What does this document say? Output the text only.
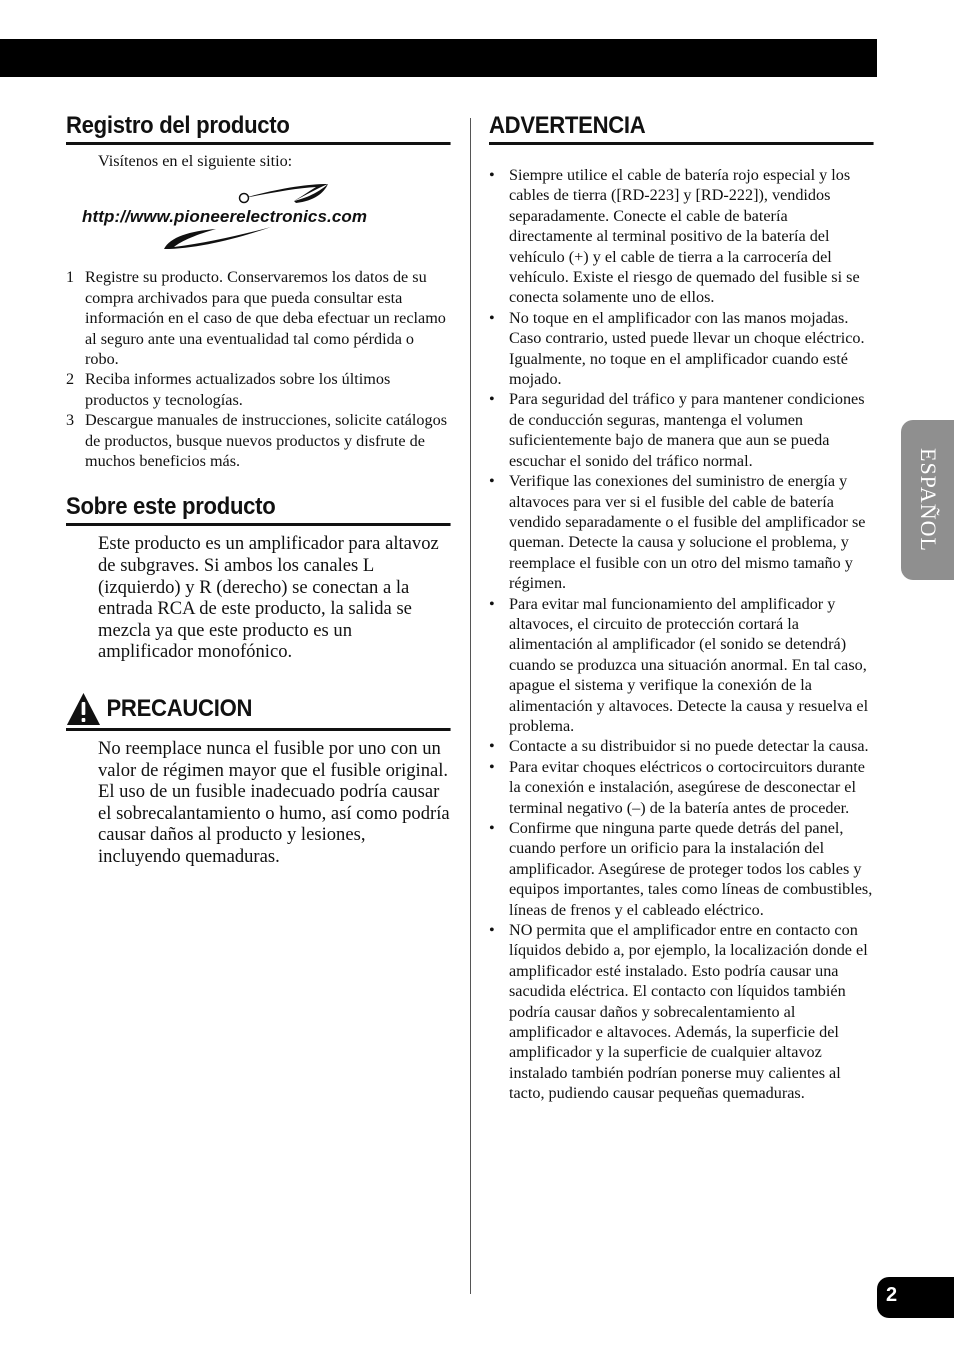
Registro del producto
Visítenos en el siguiente sitio:
http://www.pioneerelectronics.com
1 Registre su producto. Conservaremos los datos de su compra archivados para que pueda consultar esta información en el caso de que deba efectuar un reclamo al seguro ante una eventualidad tal como pérdida o robo.
2 Reciba informes actualizados sobre los últimos productos y tecnologías.
3 Descargue manuales de instrucciones, solicite catálogos de productos, busque nuevos productos y disfrute de muchos beneficios más.
Sobre este producto
Este producto es un amplificador para altavoz de subgraves. Si ambos los canales L (izquierdo) y R (derecho) se conectan a la entrada RCA de este producto, la salida se mezcla ya que este producto es un amplificador monofónico.
PRECAUCION
No reemplace nunca el fusible por uno con un valor de régimen mayor que el fusible original. El uso de un fusible inadecuado podría causar el sobrecalantamiento o humo, así como podría causar daños al producto y lesiones, incluyendo quemaduras.
ADVERTENCIA
• Siempre utilice el cable de batería rojo especial y los cables de tierra ([RD-223] y [RD-222]), vendidos separadamente. Conecte el cable de batería directamente al terminal positivo de la batería del vehículo (+) y el cable de tierra a la carrocería del vehículo. Existe el riesgo de quemado del fusible si se conecta solamente uno de ellos.
• No toque en el amplificador con las manos mojadas. Caso contrario, usted puede llevar un choque eléctrico. Igualmente, no toque en el amplificador cuando esté mojado.
• Para seguridad del tráfico y para mantener condiciones de conducción seguras, mantenga el volumen suficientemente bajo de manera que aun se pueda escuchar el sonido del tráfico normal.
• Verifique las conexiones del suministro de energía y altavoces para ver si el fusible del cable de batería vendido separadamente o el fusible del amplificador se queman. Detecte la causa y solucione el problema, y reemplace el fusible con un otro del mismo tamaño y régimen.
• Para evitar mal funcionamiento del amplificador y altavoces, el circuito de protección cortará la alimentación al amplificador (el sonido se detendrá) cuando se produzca una situación anormal. En tal caso, apague el sistema y verifique la conexión de la alimentación y altavoces. Detecte la causa y resuelva el problema.
• Contacte a su distribuidor si no puede detectar la causa.
• Para evitar choques eléctricos o cortocircuitors durante la conexión e instalación, asegúrese de desconectar el terminal negativo (–) de la batería antes de proceder.
• Confirme que ninguna parte quede detrás del panel, cuando perfore un orificio para la instalación del amplificador. Asegúrese de proteger todos los cables y equipos importantes, tales como líneas de combustibles, líneas de frenos y el cableado eléctrico.
• NO permita que el amplificador entre en contacto con líquidos debido a, por ejemplo, la localización donde el amplificador esté instalado. Esto podría causar una sacudida eléctrica. El contacto con líquidos también podría causar daños y sobrecalentamiento al amplificador e altavoces. Además, la superficie del amplificador y la superficie de cualquier altavoz instalado también podrían ponerse muy calientes al tacto, pudiendo causar pequeñas quemaduras.
ESPAÑOL
2
